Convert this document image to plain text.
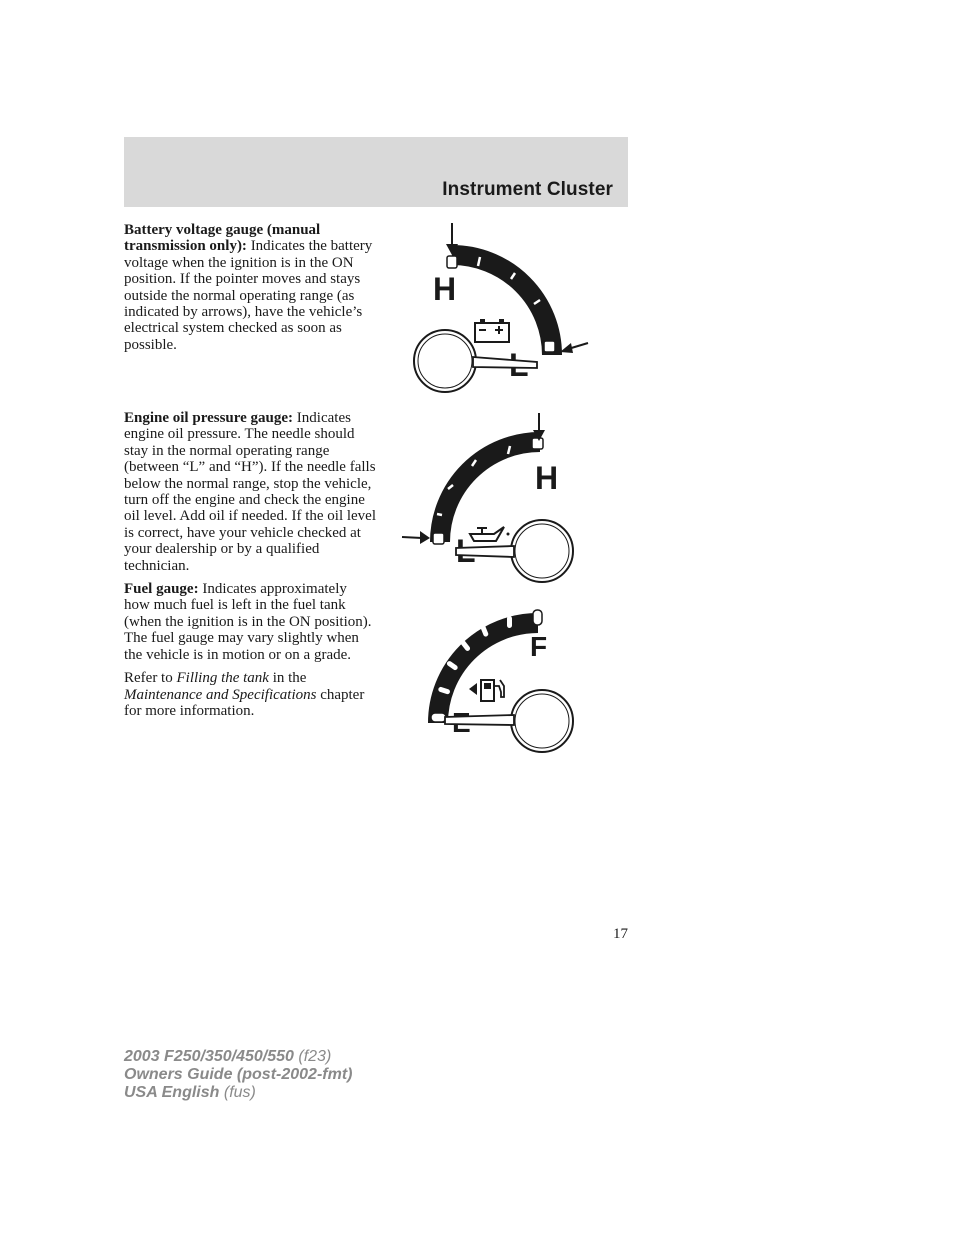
Instrument Cluster

Battery voltage gauge (manual transmission only): Indicates the battery voltage when the ignition is in the ON position. If the pointer moves and stays outside the normal operating range (as indicated by arrows), have the vehicle’s electrical system checked as soon as possible.

Engine oil pressure gauge: Indicates engine oil pressure. The needle should stay in the normal operating range (between “L” and “H”). If the needle falls below the normal range, stop the vehicle, turn off the engine and check the engine oil level. Add oil if needed. If the oil level is correct, have your vehicle checked at your dealership or by a qualified technician.

Fuel gauge: Indicates approximately how much fuel is left in the fuel tank (when the ignition is in the ON position). The fuel gauge may vary slightly when the vehicle is in motion or on a grade.

Refer to Filling the tank in the Maintenance and Specifications chapter for more information.

H
H
F
17
2003 F250/350/450/550 (f23)
Owners Guide (post-2002-fmt)
USA English (fus)
